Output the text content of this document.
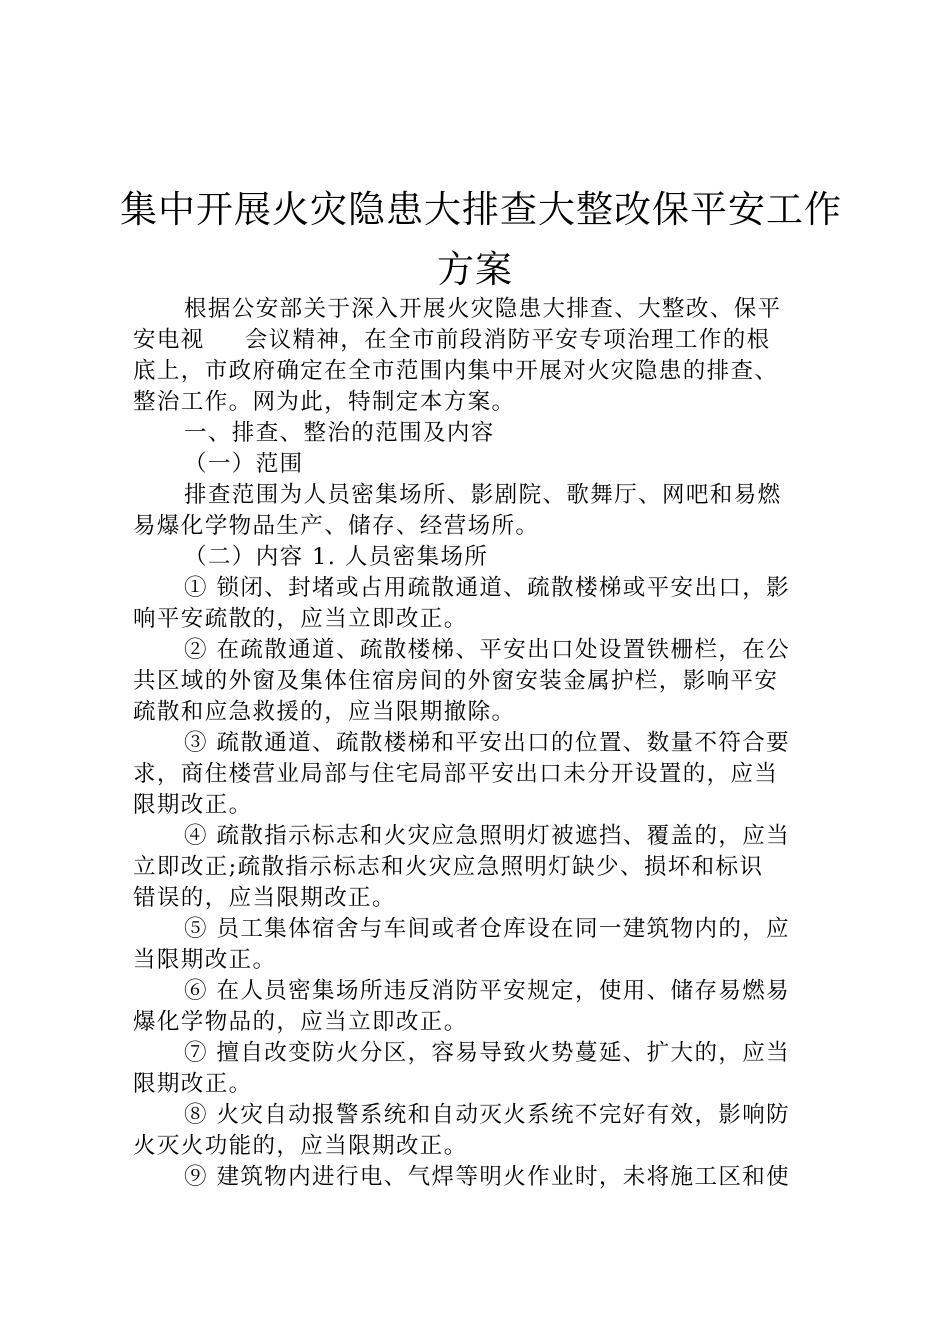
集中开展火灾隐患大排查大整改保平安工作
方案

根据公安部关于深入开展火灾隐患大排查、大整改、保平
安电视 会议精神，在全市前段消防平安专项治理工作的根
底上，市政府确定在全市范围内集中开展对火灾隐患的排查、
整治工作。网为此，特制定本方案。

一、排查、整治的范围及内容

（一）范围

排查范围为人员密集场所、影剧院、歌舞厅、网吧和易燃
易爆化学物品生产、储存、经营场所。

（二）内容 1. 人员密集场所

① 锁闭、封堵或占用疏散通道、疏散楼梯或平安出口，影
响平安疏散的，应当立即改正。

② 在疏散通道、疏散楼梯、平安出口处设置铁栅栏，在公
共区域的外窗及集体住宿房间的外窗安装金属护栏，影响平安
疏散和应急救援的，应当限期撤除。

③ 疏散通道、疏散楼梯和平安出口的位置、数量不符合要
求，商住楼营业局部与住宅局部平安出口未分开设置的，应当
限期改正。

④ 疏散指示标志和火灾应急照明灯被遮挡、覆盖的，应当
立即改正;疏散指示标志和火灾应急照明灯缺少、损坏和标识
错误的，应当限期改正。

⑤ 员工集体宿舍与车间或者仓库设在同一建筑物内的，应
当限期改正。

⑥ 在人员密集场所违反消防平安规定，使用、储存易燃易
爆化学物品的，应当立即改正。

⑦ 擅自改变防火分区，容易导致火势蔓延、扩大的，应当
限期改正。

⑧ 火灾自动报警系统和自动灭火系统不完好有效，影响防
火灭火功能的，应当限期改正。

⑨ 建筑物内进行电、气焊等明火作业时，未将施工区和使
